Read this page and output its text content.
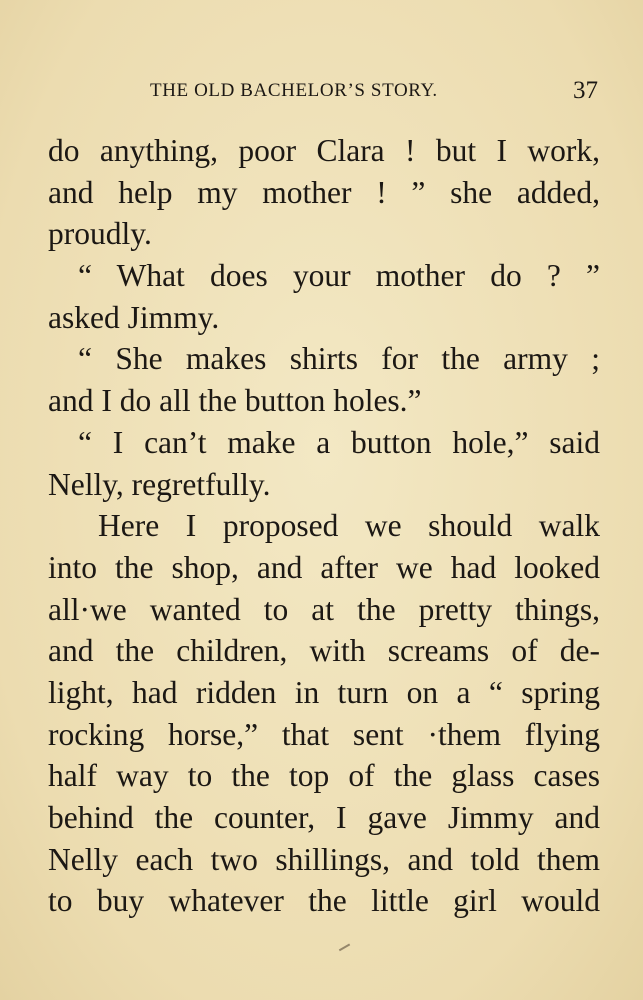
THE OLD BACHELOR’S STORY.	37
do anything, poor Clara ! but I work,
and help my mother ! ” she added,
proudly.
“ What does your mother do ? ”
asked Jimmy.
“ She makes shirts for the army ;
and I do all the button holes.”
“ I can’t make a button hole,” said
Nelly, regretfully.
Here I proposed we should walk
into the shop, and after we had looked
all·we wanted to at the pretty things,
and the children, with screams of de-
light, had ridden in turn on a “ spring
rocking horse,” that sent ·them flying
half way to the top of the glass cases
behind the counter, I gave Jimmy and
Nelly each two shillings, and told them
to buy whatever the little girl would
